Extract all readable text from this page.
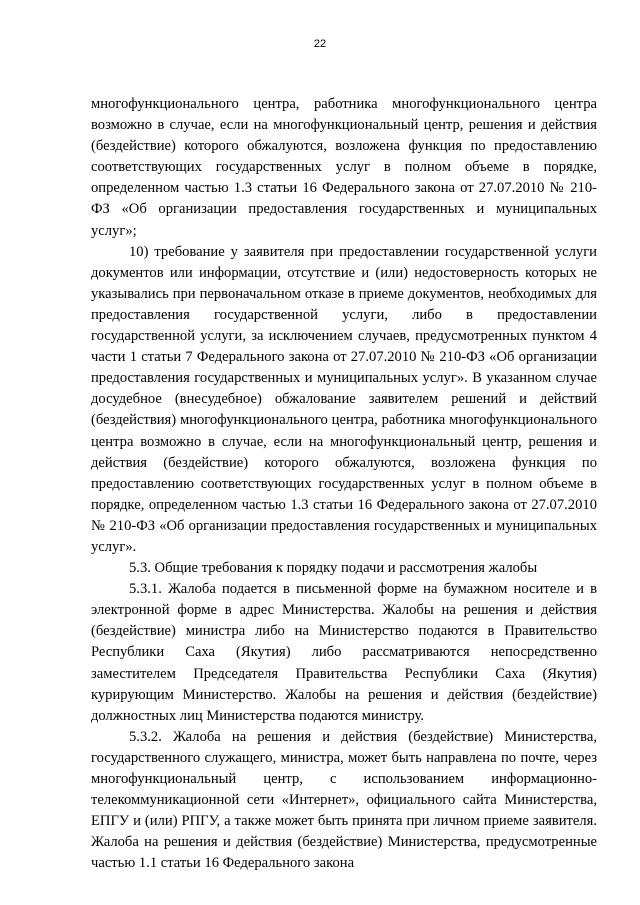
22

многофункционального центра, работника многофункционального центра возможно в случае, если на многофункциональный центр, решения и действия (бездействие) которого обжалуются, возложена функция по предоставлению соответствующих государственных услуг в полном объеме в порядке, определенном частью 1.3 статьи 16 Федерального закона от 27.07.2010 № 210-ФЗ «Об организации предоставления государственных и муниципальных услуг»;

10) требование у заявителя при предоставлении государственной услуги документов или информации, отсутствие и (или) недостоверность которых не указывались при первоначальном отказе в приеме документов, необходимых для предоставления государственной услуги, либо в предоставлении государственной услуги, за исключением случаев, предусмотренных пунктом 4 части 1 статьи 7 Федерального закона от 27.07.2010 № 210-ФЗ «Об организации предоставления государственных и муниципальных услуг». В указанном случае досудебное (внесудебное) обжалование заявителем решений и действий (бездействия) многофункционального центра, работника многофункционального центра возможно в случае, если на многофункциональный центр, решения и действия (бездействие) которого обжалуются, возложена функция по предоставлению соответствующих государственных услуг в полном объеме в порядке, определенном частью 1.3 статьи 16 Федерального закона от 27.07.2010 № 210-ФЗ «Об организации предоставления государственных и муниципальных услуг».

5.3. Общие требования к порядку подачи и рассмотрения жалобы

5.3.1. Жалоба подается в письменной форме на бумажном носителе и в электронной форме в адрес Министерства. Жалобы на решения и действия (бездействие) министра либо на Министерство подаются в Правительство Республики Саха (Якутия) либо рассматриваются непосредственно заместителем Председателя Правительства Республики Саха (Якутия) курирующим Министерство. Жалобы на решения и действия (бездействие) должностных лиц Министерства подаются министру.

5.3.2. Жалоба на решения и действия (бездействие) Министерства, государственного служащего, министра, может быть направлена по почте, через многофункциональный центр, с использованием информационно-телекоммуникационной сети «Интернет», официального сайта Министерства, ЕПГУ и (или) РПГУ, а также может быть принята при личном приеме заявителя. Жалоба на решения и действия (бездействие) Министерства, предусмотренные частью 1.1 статьи 16 Федерального закона
